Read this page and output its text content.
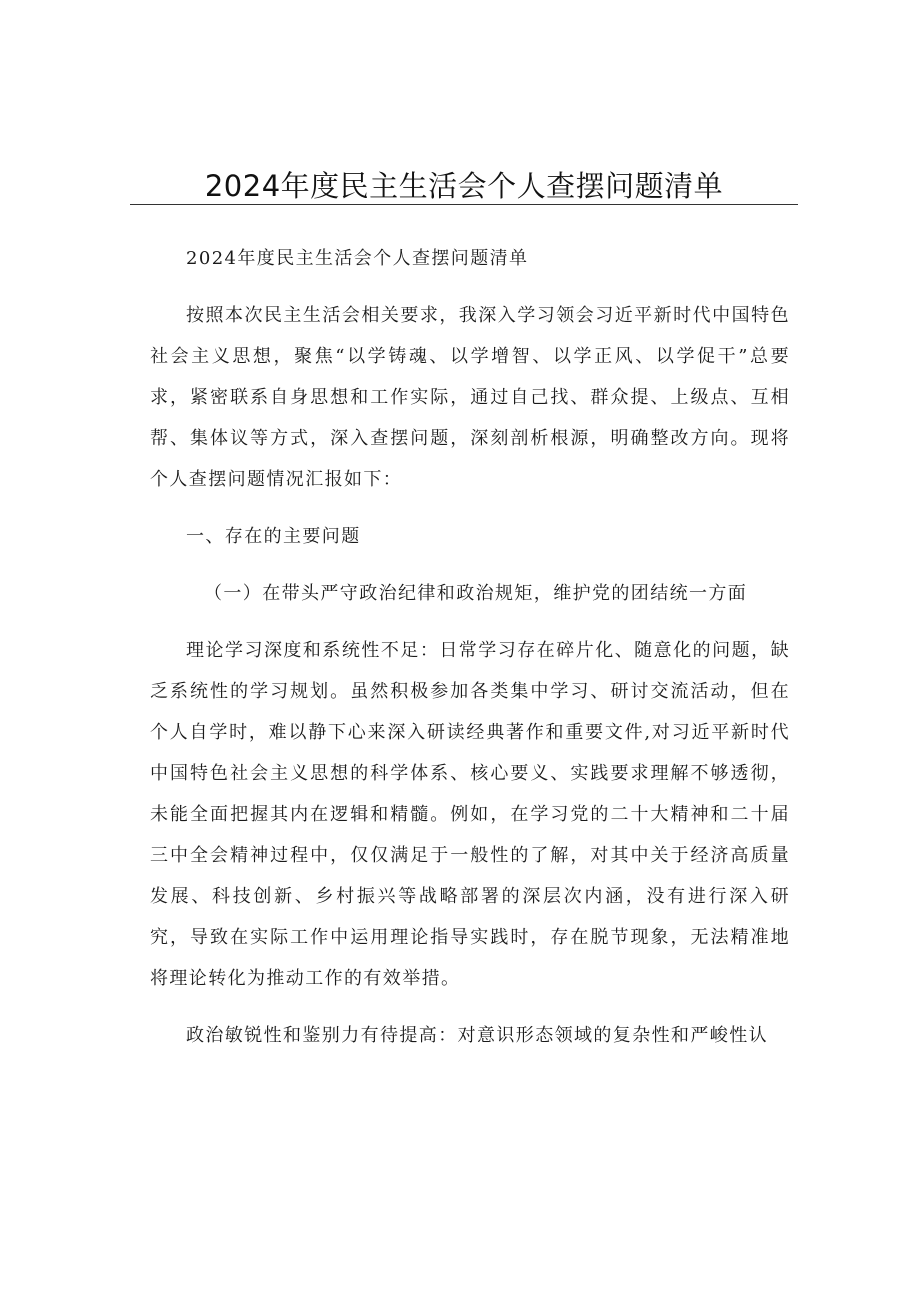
2024年度民主生活会个人查摆问题清单

2024年度民主生活会个人查摆问题清单

按照本次民主生活会相关要求，我深入学习领会习近平新时代中国特色社会主义思想，聚焦“以学铸魂、以学增智、以学正风、以学促干”总要求，紧密联系自身思想和工作实际，通过自己找、群众提、上级点、互相帮、集体议等方式，深入查摆问题，深刻剖析根源，明确整改方向。现将个人查摆问题情况汇报如下：

一、存在的主要问题

（一）在带头严守政治纪律和政治规矩，维护党的团结统一方面

理论学习深度和系统性不足：日常学习存在碎片化、随意化的问题，缺乏系统性的学习规划。虽然积极参加各类集中学习、研讨交流活动，但在个人自学时，难以静下心来深入研读经典著作和重要文件,对习近平新时代中国特色社会主义思想的科学体系、核心要义、实践要求理解不够透彻，未能全面把握其内在逻辑和精髓。例如，在学习党的二十大精神和二十届三中全会精神过程中，仅仅满足于一般性的了解，对其中关于经济高质量发展、科技创新、乡村振兴等战略部署的深层次内涵，没有进行深入研究，导致在实际工作中运用理论指导实践时，存在脱节现象，无法精准地将理论转化为推动工作的有效举措。

政治敏锐性和鉴别力有待提高：对意识形态领域的复杂性和严峻性认
